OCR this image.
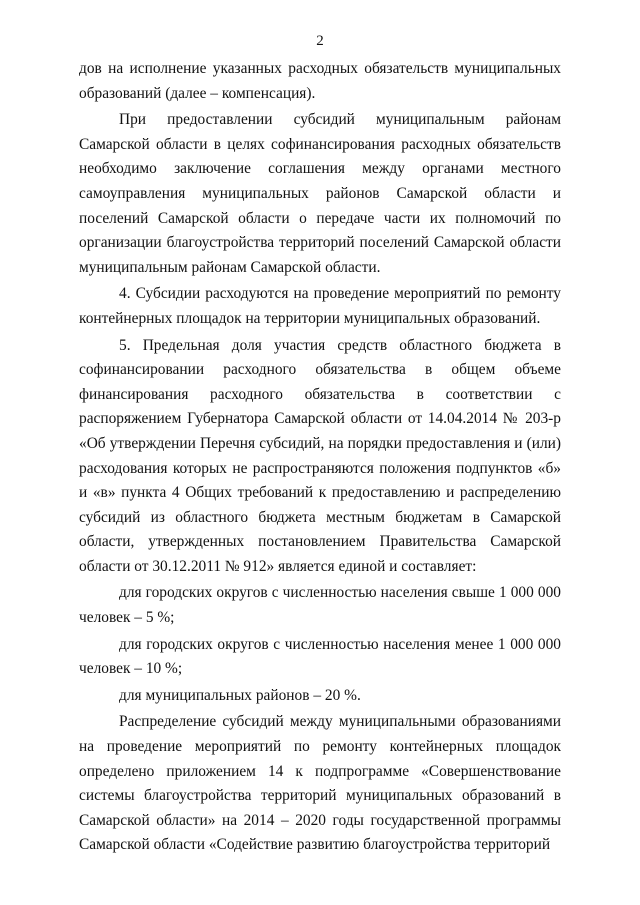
2

дов на исполнение указанных расходных обязательств муниципальных образований (далее – компенсация).

При предоставлении субсидий муниципальным районам Самарской области в целях софинансирования расходных обязательств необходимо заключение соглашения между органами местного самоуправления муниципальных районов Самарской области и поселений Самарской области о передаче части их полномочий по организации благоустройства территорий поселений Самарской области муниципальным районам Самарской области.

4. Субсидии расходуются на проведение мероприятий по ремонту контейнерных площадок на территории муниципальных образований.

5. Предельная доля участия средств областного бюджета в софинансировании расходного обязательства в общем объеме финансирования расходного обязательства в соответствии с распоряжением Губернатора Самарской области от 14.04.2014 № 203-р «Об утверждении Перечня субсидий, на порядки предоставления и (или) расходования которых не распространяются положения подпунктов «б» и «в» пункта 4 Общих требований к предоставлению и распределению субсидий из областного бюджета местным бюджетам в Самарской области, утвержденных постановлением Правительства Самарской области от 30.12.2011 № 912» является единой и составляет:

для городских округов с численностью населения свыше 1 000 000 человек – 5 %;

для городских округов с численностью населения менее 1 000 000 человек – 10 %;

для муниципальных районов – 20 %.

Распределение субсидий между муниципальными образованиями на проведение мероприятий по ремонту контейнерных площадок определено приложением 14 к подпрограмме «Совершенствование системы благоустройства территорий муниципальных образований в Самарской области» на 2014 – 2020 годы государственной программы Самарской области «Содействие развитию благоустройства территорий
